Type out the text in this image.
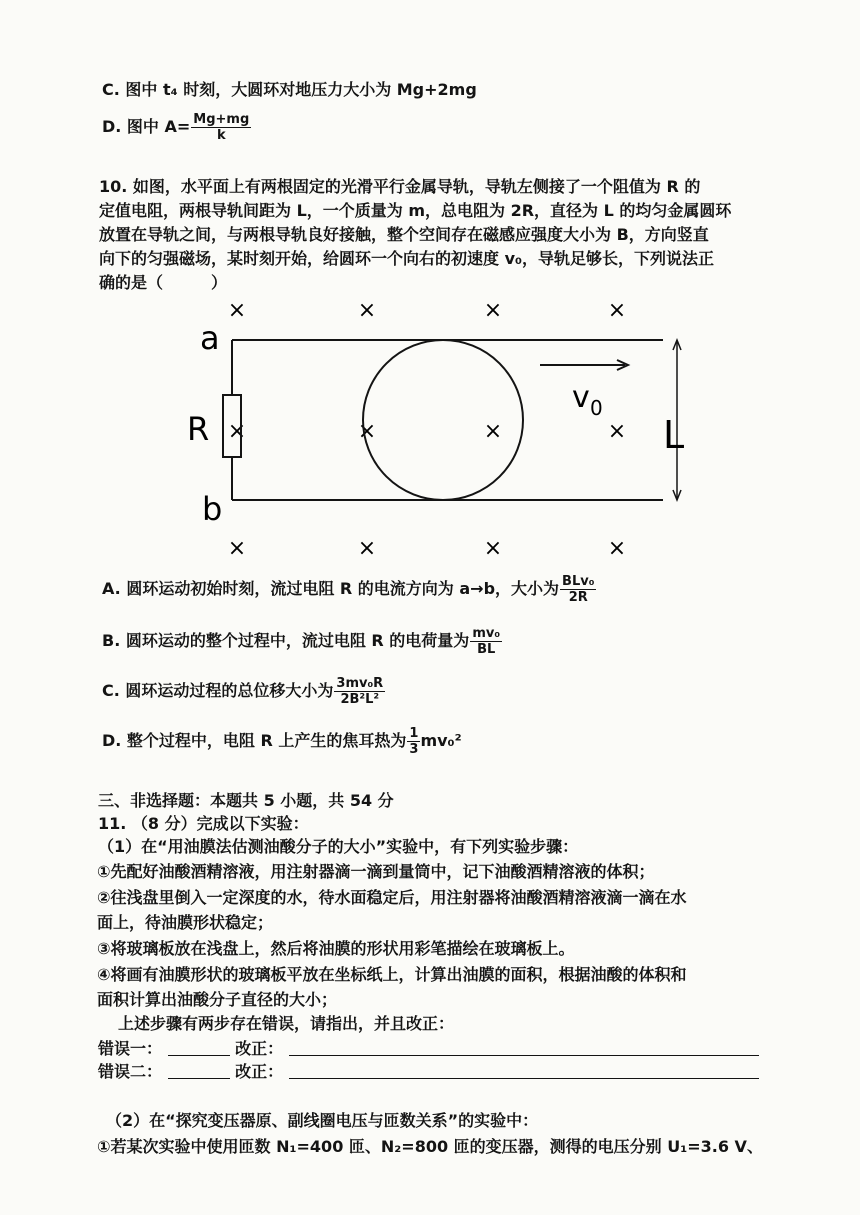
C. 图中 t₄ 时刻，大圆环对地压力大小为 Mg+2mg
D. 图中 $A= \frac{Mg+mg}{k}$
10. 如图，水平面上有两根固定的光滑平行金属导轨，导轨左侧接了一个阻值为 R 的
定值电阻，两根导轨间距为 L，一个质量为 m，总电阻为 2R，直径为 L 的均匀金属圆环
放置在导轨之间，与两根导轨良好接触，整个空间存在磁感应强度大小为 B，方向竖直
向下的匀强磁场，某时刻开始，给圆环一个向右的初速度 v₀，导轨足够长，下列说法正
确的是（　　　）
×	×	×	×
×	×	×	×
×	×	×	×
v 0
L
a
b
R
A. 圆环运动初始时刻，流过电阻 R 的电流方向为 a→b，大小为 $\frac{\text{BLv₀}}{2R}$
B. 圆环运动的整个过程中，流过电阻 R 的电荷量为 $\frac{\text{mv₀}}{BL}$
C. 圆环运动过程的总位移大小为 $\frac{\text{3mv₀R}}{\text{2B²L²}}$
D. 整个过程中，电阻 R 上产生的焦耳热为 $\frac{1}{3} mv_0^2$
三、非选择题：本题共 5 小题，共 54 分
11. （8 分）完成以下实验：
（1）在“用油膜法估测油酸分子的大小”实验中，有下列实验步骤：
①先配好油酸酒精溶液，用注射器滴一滴到量筒中，记下油酸酒精溶液的体积；
②往浅盘里倒入一定深度的水，待水面稳定后，用注射器将油酸酒精溶液滴一滴在水
面上，待油膜形状稳定；
③将玻璃板放在浅盘上，然后将油膜的形状用彩笔描绘在玻璃板上。
④将画有油膜形状的玻璃板平放在坐标纸上，计算出油膜的面积，根据油酸的体积和
面积计算出油酸分子直径的大小；
上述步骤有两步存在错误，请指出，并且改正：
错误一：	改正：
错误二：	改正：
（2）在“探究变压器原、副线圈电压与匝数关系”的实验中：
①若某次实验中使用匝数 N₁=400 匝、N₂=800 匝的变压器，测得的电压分别 U₁=3.6 V、
